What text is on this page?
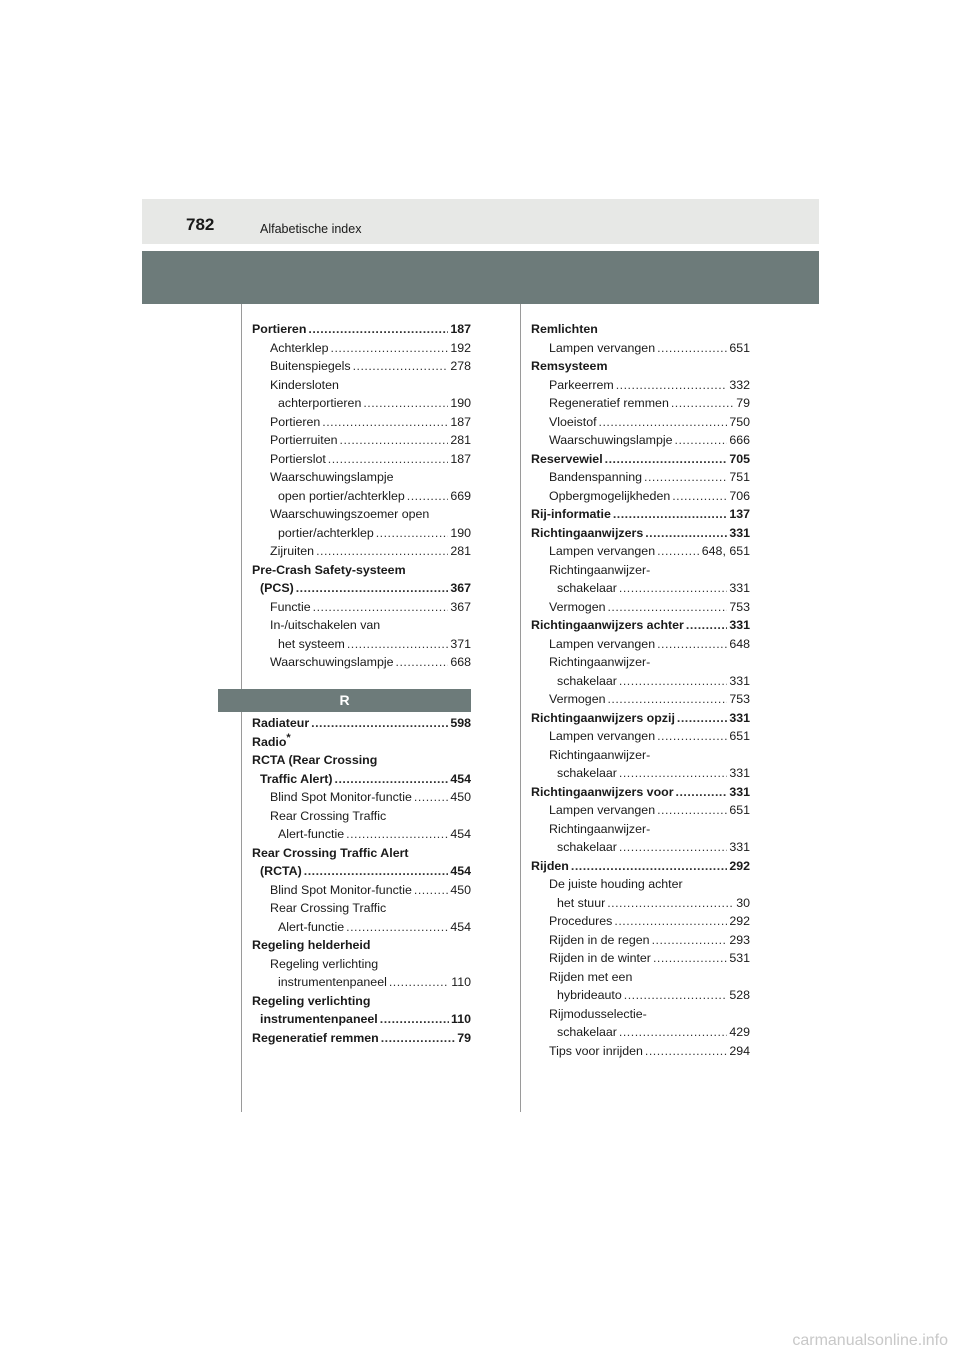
782	Alfabetische index
Portieren .....	187
Achterklep .....	192
Buitenspiegels .....	278
Kindersloten
achterportieren .....	190
Portieren .....	187
Portierruiten .....	281
Portierslot .....	187
Waarschuwingslampje
open portier/achterklep .....	669
Waarschuwingszoemer open
portier/achterklep .....	190
Zijruiten .....	281
Pre-Crash Safety-systeem
(PCS) .....	367
Functie .....	367
In-/uitschakelen van
het systeem .....	371
Waarschuwingslampje .....	668
R
Radiateur .....	598
Radio*
RCTA (Rear Crossing
Traffic Alert) .....	454
Blind Spot Monitor-functie .....	450
Rear Crossing Traffic
Alert-functie .....	454
Rear Crossing Traffic Alert
(RCTA) .....	454
Blind Spot Monitor-functie .....	450
Rear Crossing Traffic
Alert-functie .....	454
Regeling helderheid
Regeling verlichting
instrumentenpaneel .....	110
Regeling verlichting
instrumentenpaneel .....	110
Regeneratief remmen .....	79
Remlichten
Lampen vervangen .....	651
Remsysteem
Parkeerrem .....	332
Regeneratief remmen .....	79
Vloeistof .....	750
Waarschuwingslampje .....	666
Reservewiel .....	705
Bandenspanning .....	751
Opbergmogelijkheden .....	706
Rij-informatie .....	137
Richtingaanwijzers .....	331
Lampen vervangen .....	648, 651
Richtingaanwijzer-
schakelaar .....	331
Vermogen .....	753
Richtingaanwijzers achter .....	331
Lampen vervangen .....	648
Richtingaanwijzer-
schakelaar .....	331
Vermogen .....	753
Richtingaanwijzers opzij .....	331
Lampen vervangen .....	651
Richtingaanwijzer-
schakelaar .....	331
Richtingaanwijzers voor .....	331
Lampen vervangen .....	651
Richtingaanwijzer-
schakelaar .....	331
Rijden .....	292
De juiste houding achter
het stuur .....	30
Procedures .....	292
Rijden in de regen .....	293
Rijden in de winter .....	531
Rijden met een
hybrideauto .....	528
Rijmodusselectie-
schakelaar .....	429
Tips voor inrijden .....	294
carmanualsonline.info
